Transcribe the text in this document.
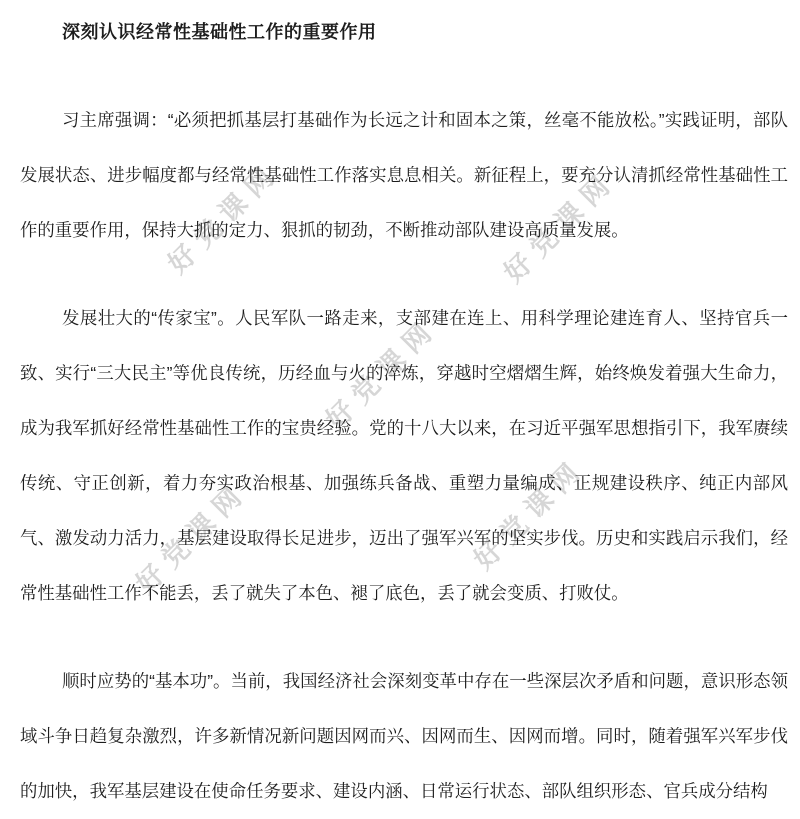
好党课网	好党课网
好党课网
好党课网
好党课网
深刻认识经常性基础性工作的重要作用

习主席强调：“必须把抓基层打基础作为长远之计和固本之策，丝毫不能放松。”实践证明，部队发展状态、进步幅度都与经常性基础性工作落实息息相关。新征程上，要充分认清抓经常性基础性工作的重要作用，保持大抓的定力、狠抓的韧劲，不断推动部队建设高质量发展。

发展壮大的“传家宝”。人民军队一路走来，支部建在连上、用科学理论建连育人、坚持官兵一致、实行“三大民主”等优良传统，历经血与火的淬炼，穿越时空熠熠生辉，始终焕发着强大生命力，成为我军抓好经常性基础性工作的宝贵经验。党的十八大以来，在习近平强军思想指引下，我军赓续传统、守正创新，着力夯实政治根基、加强练兵备战、重塑力量编成、正规建设秩序、纯正内部风气、激发动力活力，基层建设取得长足进步，迈出了强军兴军的坚实步伐。历史和实践启示我们，经常性基础性工作不能丢，丢了就失了本色、褪了底色，丢了就会变质、打败仗。

顺时应势的“基本功”。当前，我国经济社会深刻变革中存在一些深层次矛盾和问题，意识形态领域斗争日趋复杂激烈，许多新情况新问题因网而兴、因网而生、因网而增。同时，随着强军兴军步伐的加快，我军基层建设在使命任务要求、建设内涵、日常运行状态、部队组织形态、官兵成分结构
